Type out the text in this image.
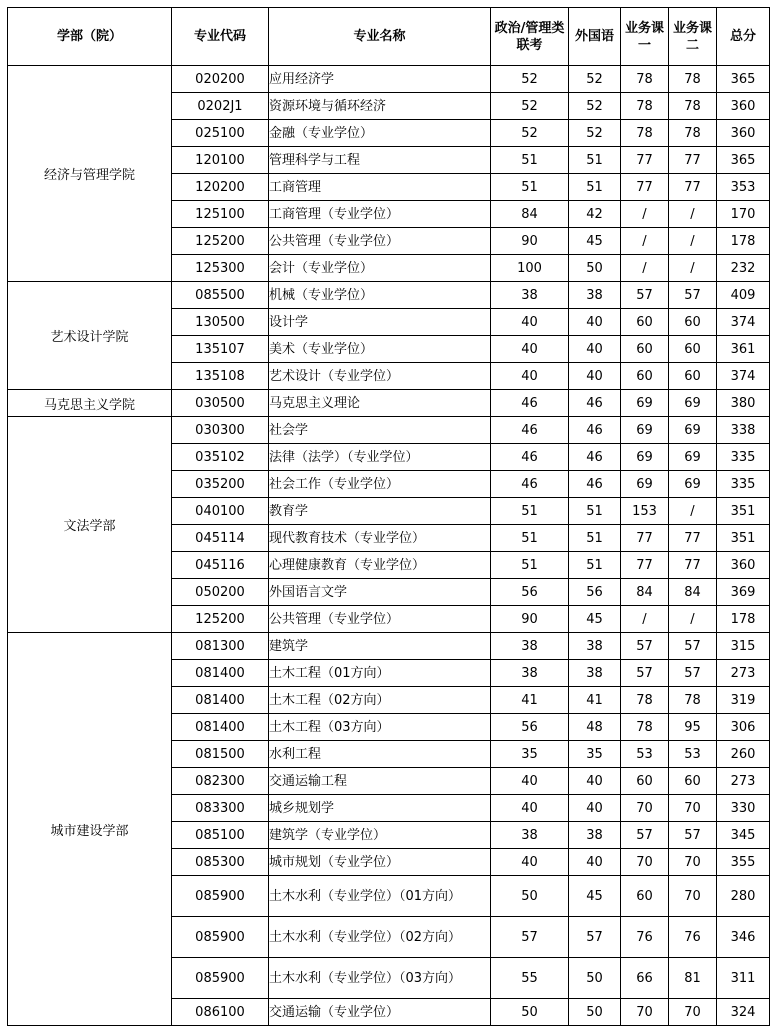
学部（院）	专业代码	专业名称	政治/管理类联考	外国语	业务课一	业务课二	总分
经济与管理学院	020200	应用经济学	52	52	78	78	365
	0202J1	资源环境与循环经济	52	52	78	78	360
	025100	金融（专业学位）	52	52	78	78	360
	120100	管理科学与工程	51	51	77	77	365
	120200	工商管理	51	51	77	77	353
	125100	工商管理（专业学位）	84	42	/	/	170
	125200	公共管理（专业学位）	90	45	/	/	178
	125300	会计（专业学位）	100	50	/	/	232
艺术设计学院	085500	机械（专业学位）	38	38	57	57	409
	130500	设计学	40	40	60	60	374
	135107	美术（专业学位）	40	40	60	60	361
	135108	艺术设计（专业学位）	40	40	60	60	374
马克思主义学院	030500	马克思主义理论	46	46	69	69	380
文法学部	030300	社会学	46	46	69	69	338
	035102	法律（法学）（专业学位）	46	46	69	69	335
	035200	社会工作（专业学位）	46	46	69	69	335
	040100	教育学	51	51	153	/	351
	045114	现代教育技术（专业学位）	51	51	77	77	351
	045116	心理健康教育（专业学位）	51	51	77	77	360
	050200	外国语言文学	56	56	84	84	369
	125200	公共管理（专业学位）	90	45	/	/	178
城市建设学部	081300	建筑学	38	38	57	57	315
	081400	土木工程（01方向）	38	38	57	57	273
	081400	土木工程（02方向）	41	41	78	78	319
	081400	土木工程（03方向）	56	48	78	95	306
	081500	水利工程	35	35	53	53	260
	082300	交通运输工程	40	40	60	60	273
	083300	城乡规划学	40	40	70	70	330
	085100	建筑学（专业学位）	38	38	57	57	345
	085300	城市规划（专业学位）	40	40	70	70	355
	085900	土木水利（专业学位）（01方向）	50	45	60	70	280
	085900	土木水利（专业学位）（02方向）	57	57	76	76	346
	085900	土木水利（专业学位）（03方向）	55	50	66	81	311
	086100	交通运输（专业学位）	50	50	70	70	324
